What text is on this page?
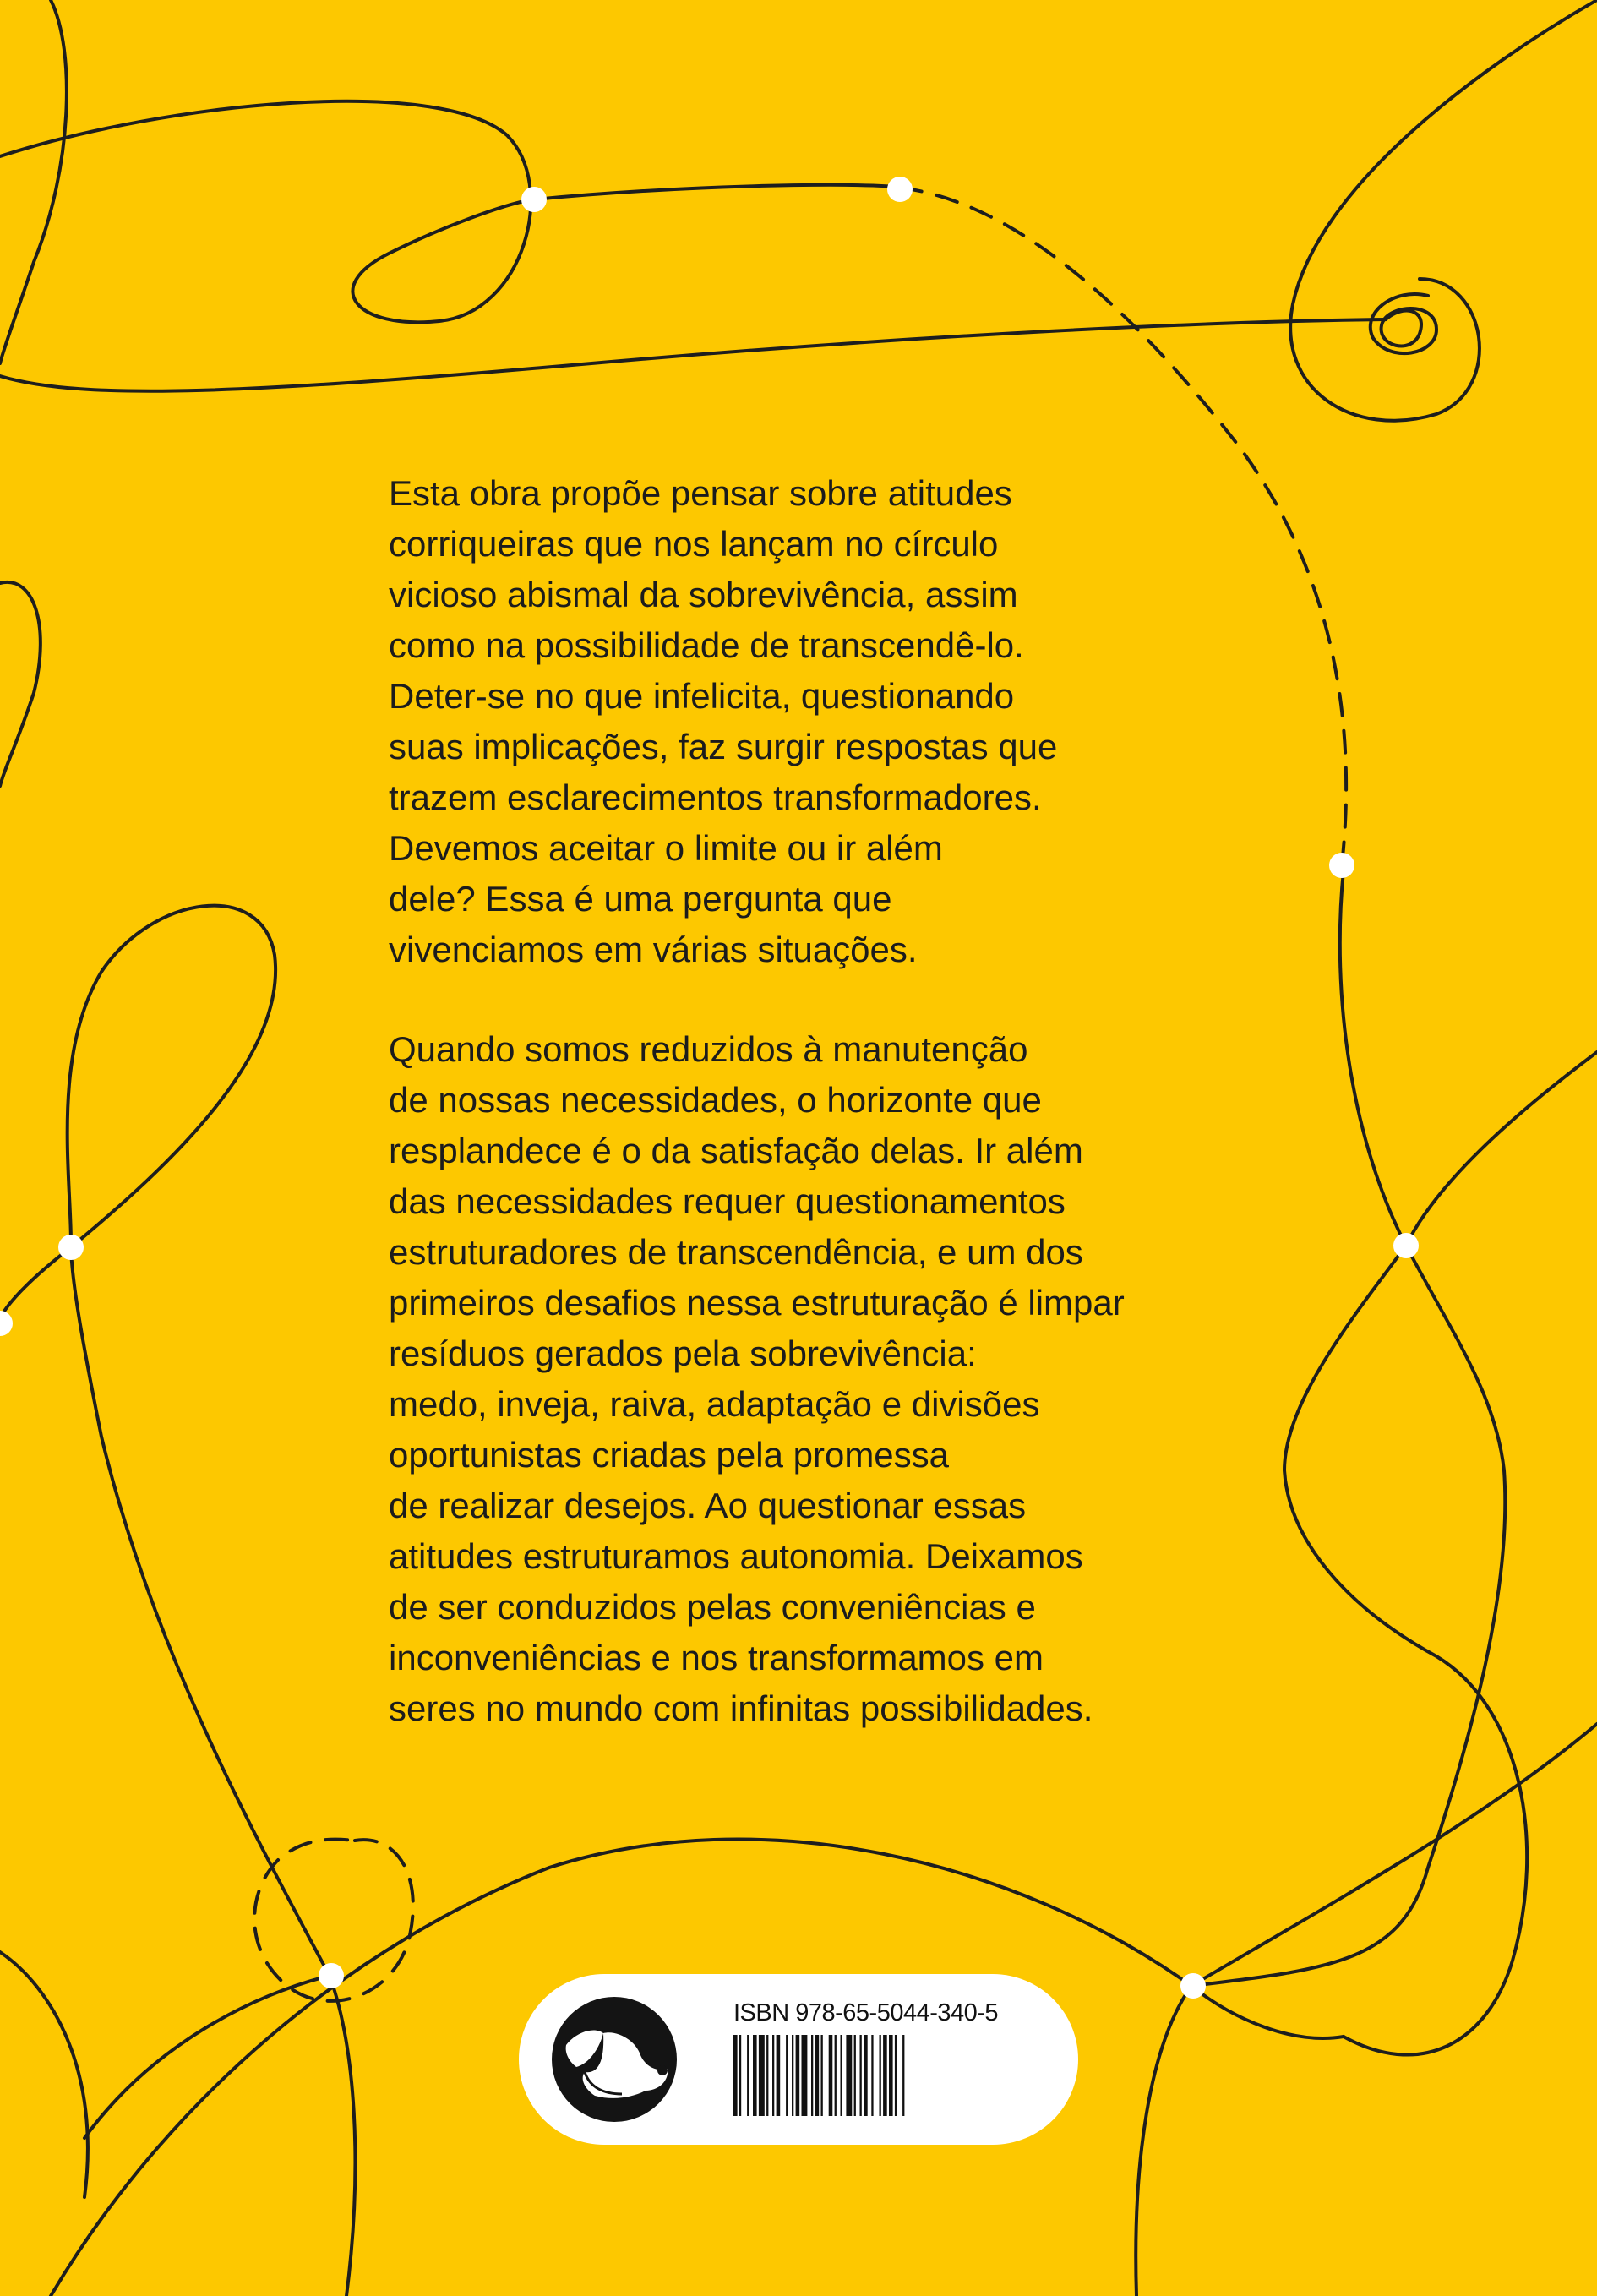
Esta obra propõe pensar sobre atitudes
corriqueiras que nos lançam no círculo
vicioso abismal da sobrevivência, assim
como na possibilidade de transcendê-lo.
Deter-se no que infelicita, questionando
suas implicações, faz surgir respostas que
trazem esclarecimentos transformadores.
Devemos aceitar o limite ou ir além
dele? Essa é uma pergunta que
vivenciamos em várias situações.
Quando somos reduzidos à manutenção
de nossas necessidades, o horizonte que
resplandece é o da satisfação delas. Ir além
das necessidades requer questionamentos
estruturadores de transcendência, e um dos
primeiros desafios nessa estruturação é limpar
resíduos gerados pela sobrevivência:
medo, inveja, raiva, adaptação e divisões
oportunistas criadas pela promessa
de realizar desejos. Ao questionar essas
atitudes estruturamos autonomia. Deixamos
de ser conduzidos pelas conveniências e
inconveniências e nos transformamos em
seres no mundo com infinitas possibilidades.
ISBN 978-65-5044-340-5
